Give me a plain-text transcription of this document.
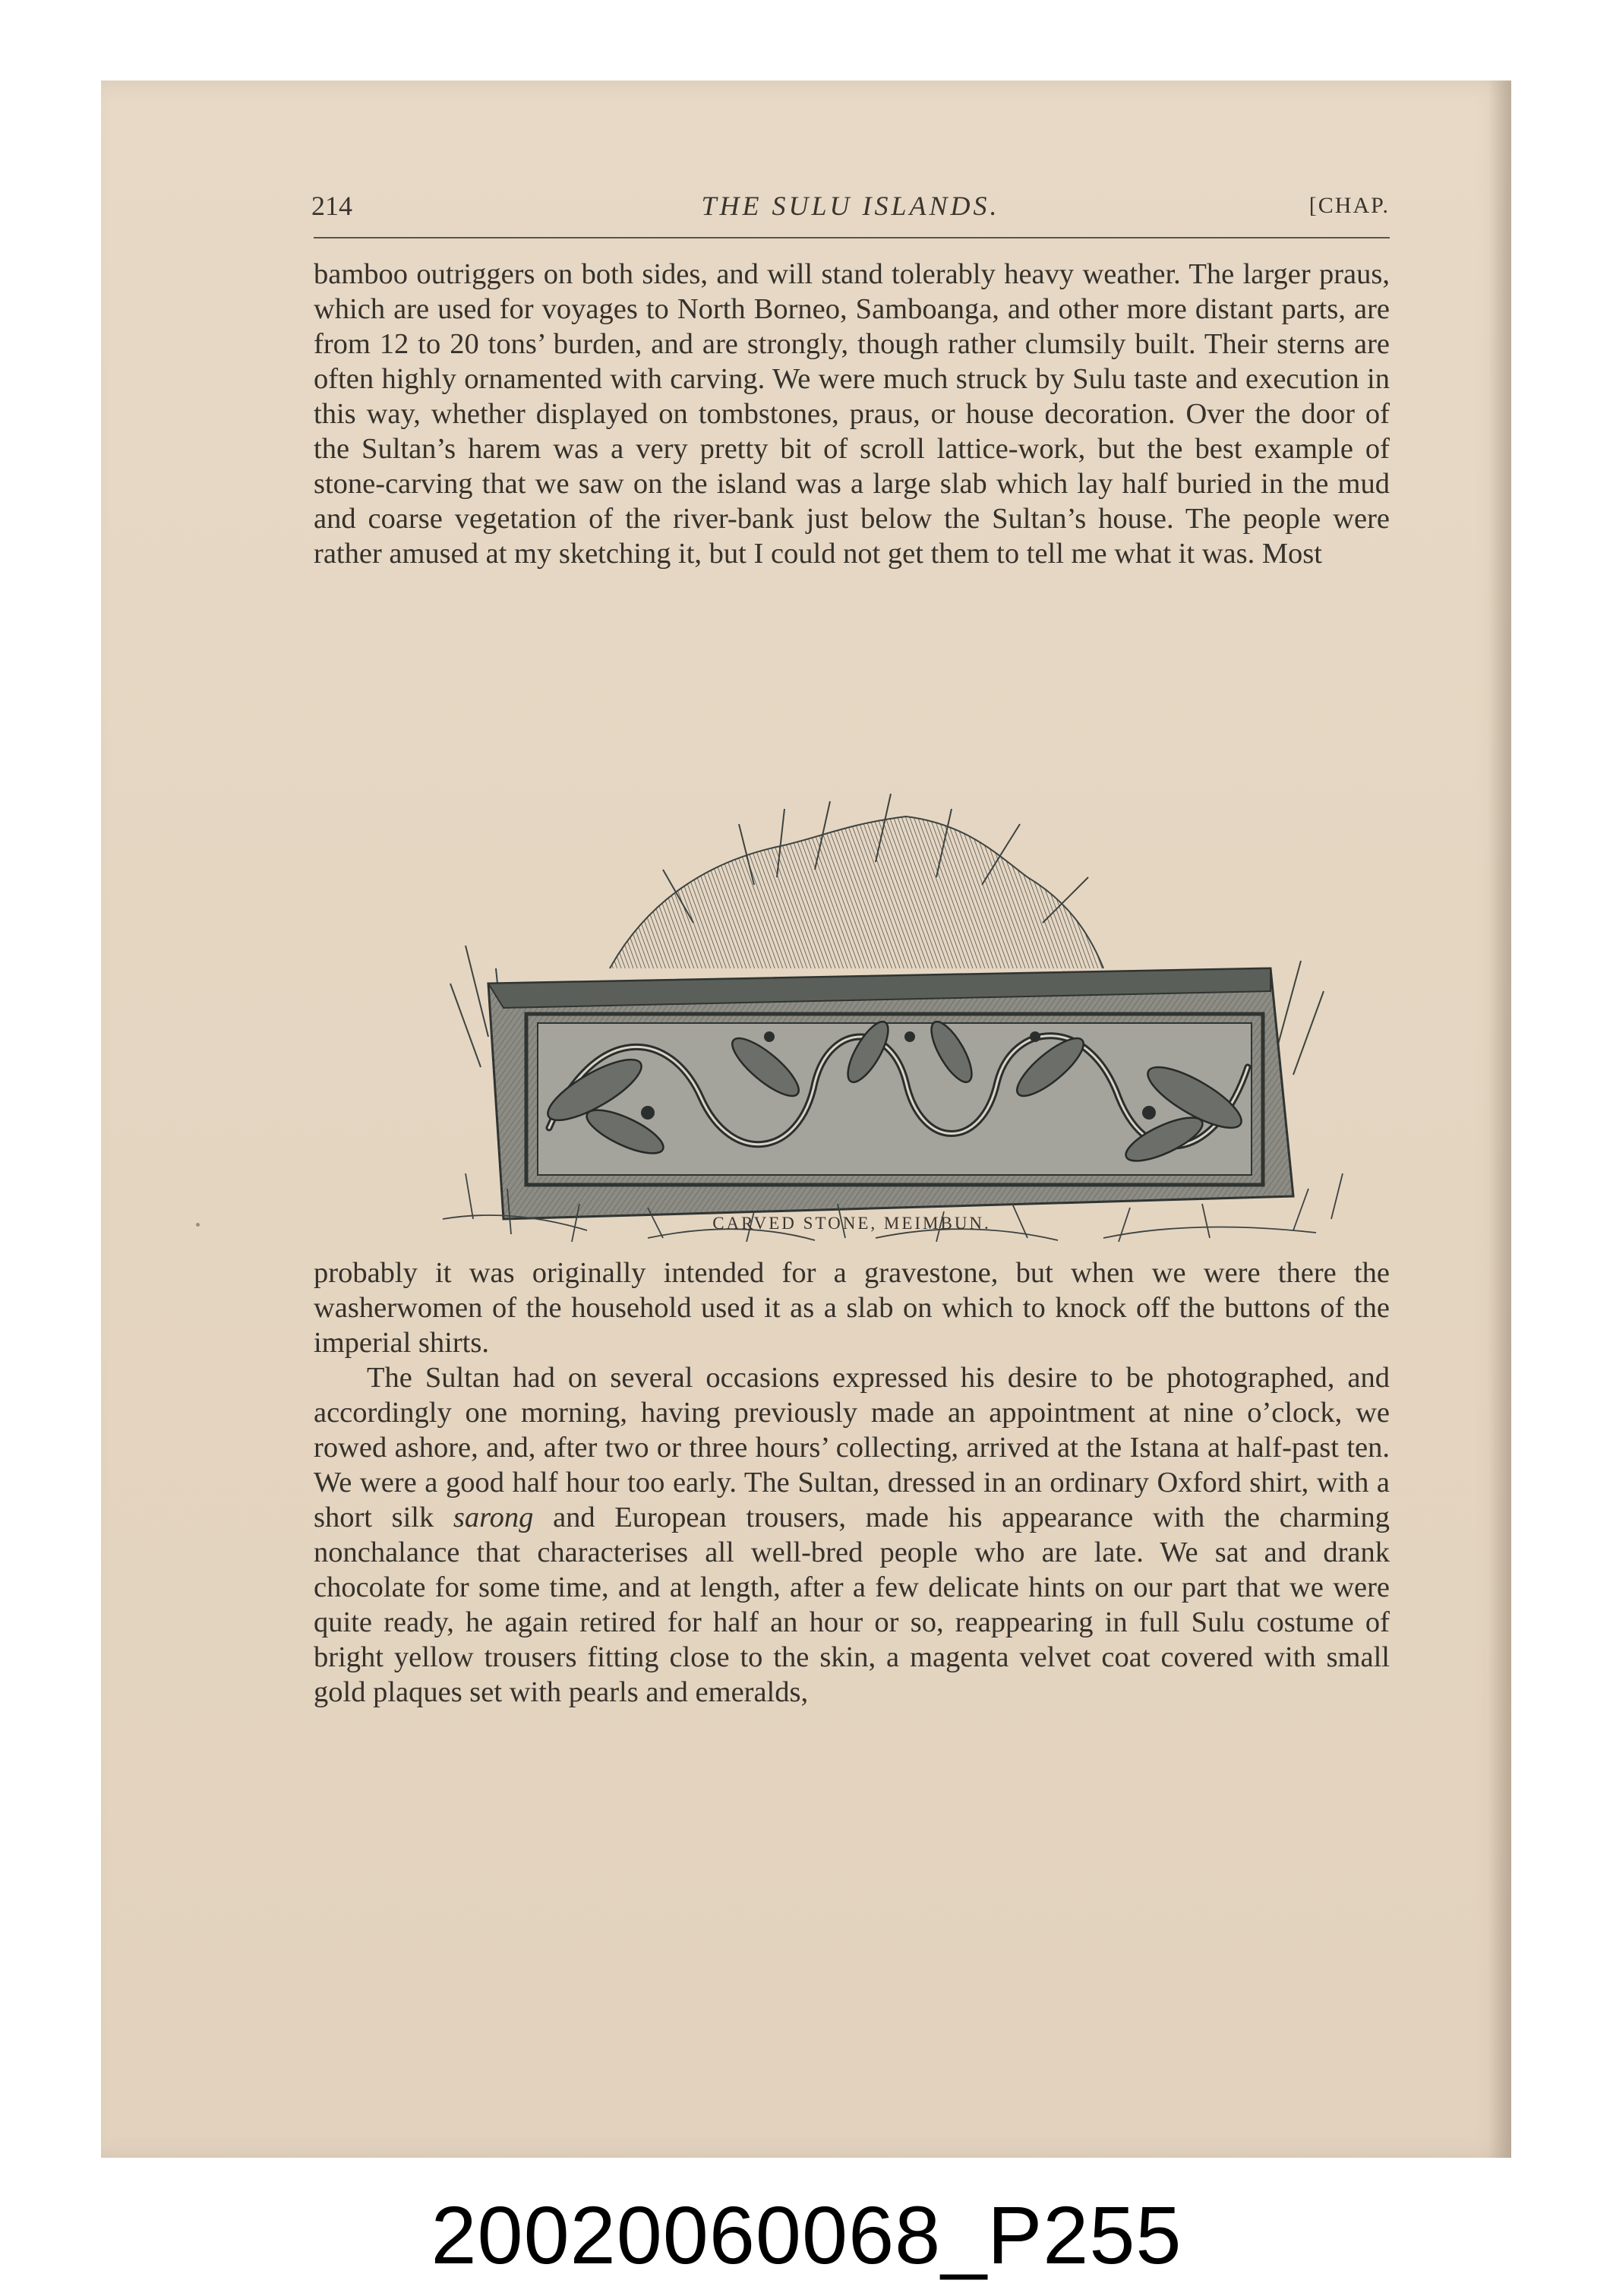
214	THE SULU ISLANDS.	[CHAP.

bamboo outriggers on both sides, and will stand tolerably heavy weather. The larger praus, which are used for voyages to North Borneo, Samboanga, and other more distant parts, are from 12 to 20 tons’ burden, and are strongly, though rather clumsily built. Their sterns are often highly ornamented with carving. We were much struck by Sulu taste and execution in this way, whether displayed on tombstones, praus, or house decoration. Over the door of the Sultan’s harem was a very pretty bit of scroll lattice-work, but the best example of stone-carving that we saw on the island was a large slab which lay half buried in the mud and coarse vegetation of the river-bank just below the Sultan’s house. The people were rather amused at my sketching it, but I could not get them to tell me what it was. Most

CARVED STONE, MEIMBUN.

probably it was originally intended for a gravestone, but when we were there the washerwomen of the household used it as a slab on which to knock off the buttons of the imperial shirts.

The Sultan had on several occasions expressed his desire to be photographed, and accordingly one morning, having previously made an appointment at nine o’clock, we rowed ashore, and, after two or three hours’ collecting, arrived at the Istana at half-past ten. We were a good half hour too early. The Sultan, dressed in an ordinary Oxford shirt, with a short silk sarong and European trousers, made his appearance with the charming nonchalance that characterises all well-bred people who are late. We sat and drank chocolate for some time, and at length, after a few delicate hints on our part that we were quite ready, he again retired for half an hour or so, reappearing in full Sulu costume of bright yellow trousers fitting close to the skin, a magenta velvet coat covered with small gold plaques set with pearls and emeralds,

20020060068_P255
